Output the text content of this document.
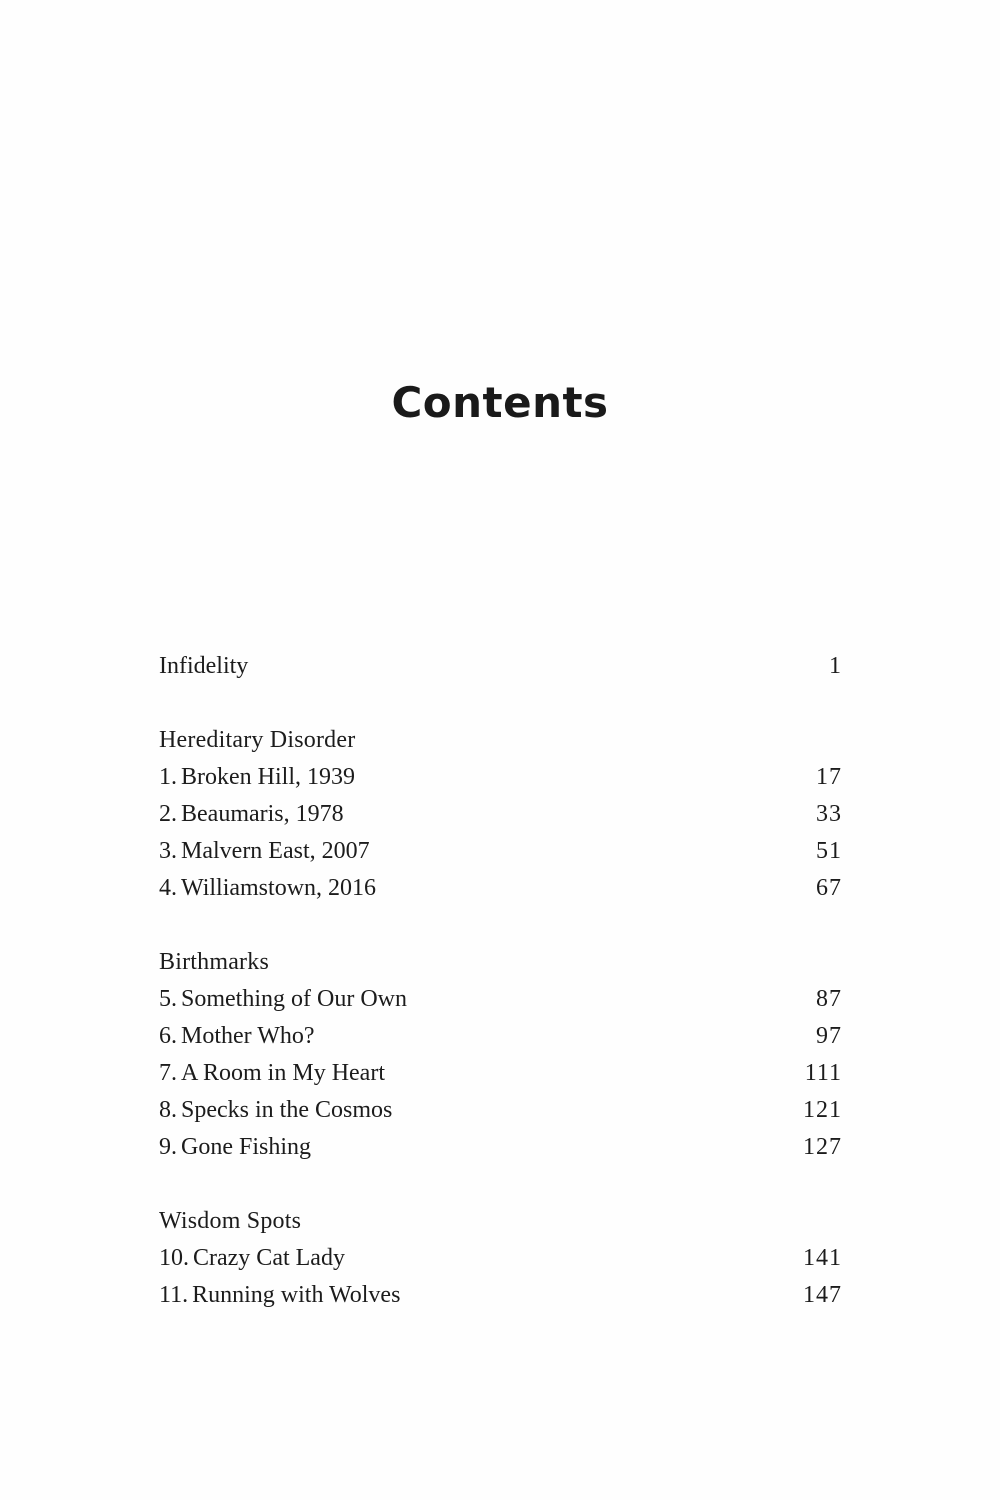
Contents
Infidelity	1
Hereditary Disorder
1. Broken Hill, 1939	17
2. Beaumaris, 1978	33
3. Malvern East, 2007	51
4. Williamstown, 2016	67
Birthmarks
5. Something of Our Own	87
6. Mother Who?	97
7. A Room in My Heart	111
8. Specks in the Cosmos	121
9. Gone Fishing	127
Wisdom Spots
10. Crazy Cat Lady	141
11. Running with Wolves	147
